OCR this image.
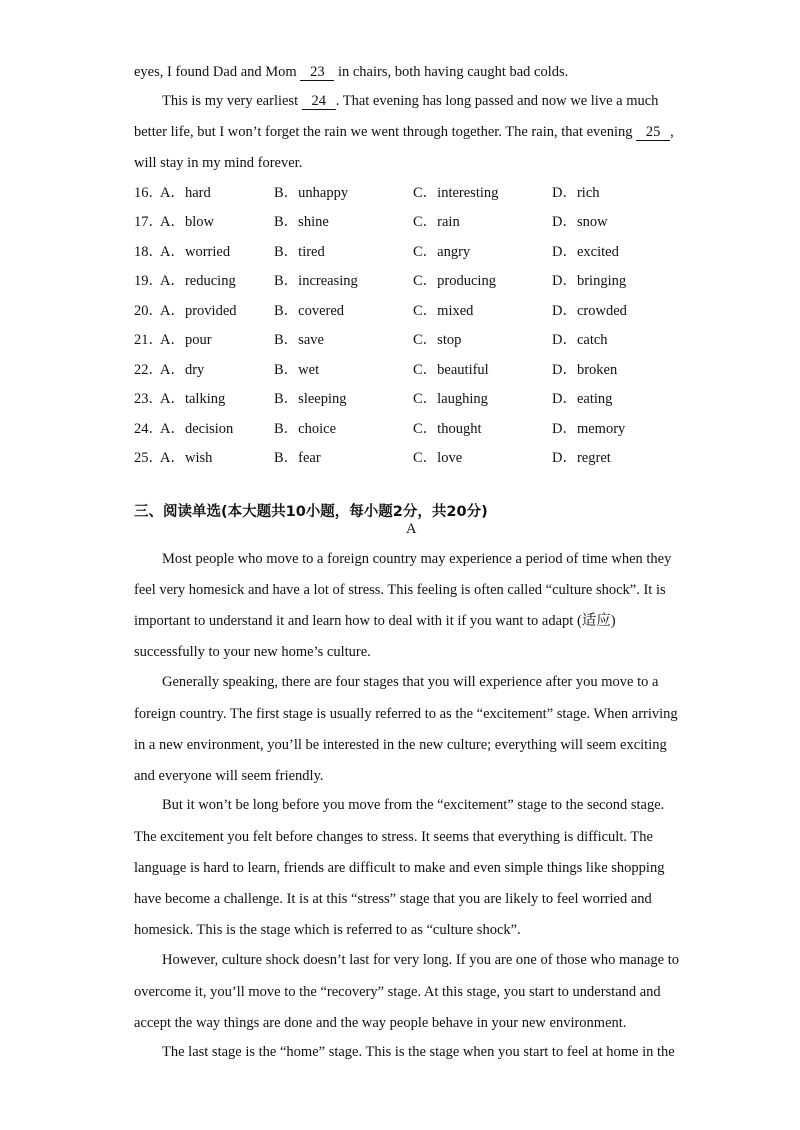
eyes, I found Dad and Mom 23 in chairs, both having caught bad colds.
This is my very earliest 24 . That evening has long passed and now we live a much
better life, but I won’t forget the rain we went through together. The rain, that evening 25 ,
will stay in my mind forever.
16．
A．hard	B．unhappy	C．interesting	D．rich
17．
A．blow	B．shine	C．rain	D．snow
18．
A．worried	B．tired	C．angry	D．excited
19．
A．reducing	B．increasing	C．producing	D．bringing
20．
A．provided	B．covered	C．mixed	D．crowded
21．
A．pour	B．save	C．stop	D．catch
22．
A．dry	B．wet	C．beautiful	D．broken
23．
A．talking	B．sleeping	C．laughing	D．eating
24．
A．decision	B．choice	C．thought	D．memory
25．
A．wish	B．fear	C．love	D．regret
三、阅读单选(本大题共10小题，每小题2分，共20分)
A
Most people who move to a foreign country may experience a period of time when they
feel very homesick and have a lot of stress. This feeling is often called “culture shock”. It is
important to understand it and learn how to deal with it if you want to adapt (适应)
successfully to your new home’s culture.
Generally speaking, there are four stages that you will experience after you move to a
foreign country. The first stage is usually referred to as the “excitement” stage. When arriving
in a new environment, you’ll be interested in the new culture; everything will seem exciting
and everyone will seem friendly.
But it won’t be long before you move from the “excitement” stage to the second stage.
The excitement you felt before changes to stress. It seems that everything is difficult. The
language is hard to learn, friends are difficult to make and even simple things like shopping
have become a challenge. It is at this “stress” stage that you are likely to feel worried and
homesick. This is the stage which is referred to as “culture shock”.
However, culture shock doesn’t last for very long. If you are one of those who manage to
overcome it, you’ll move to the “recovery” stage. At this stage, you start to understand and
accept the way things are done and the way people behave in your new environment.
The last stage is the “home” stage. This is the stage when you start to feel at home in the
